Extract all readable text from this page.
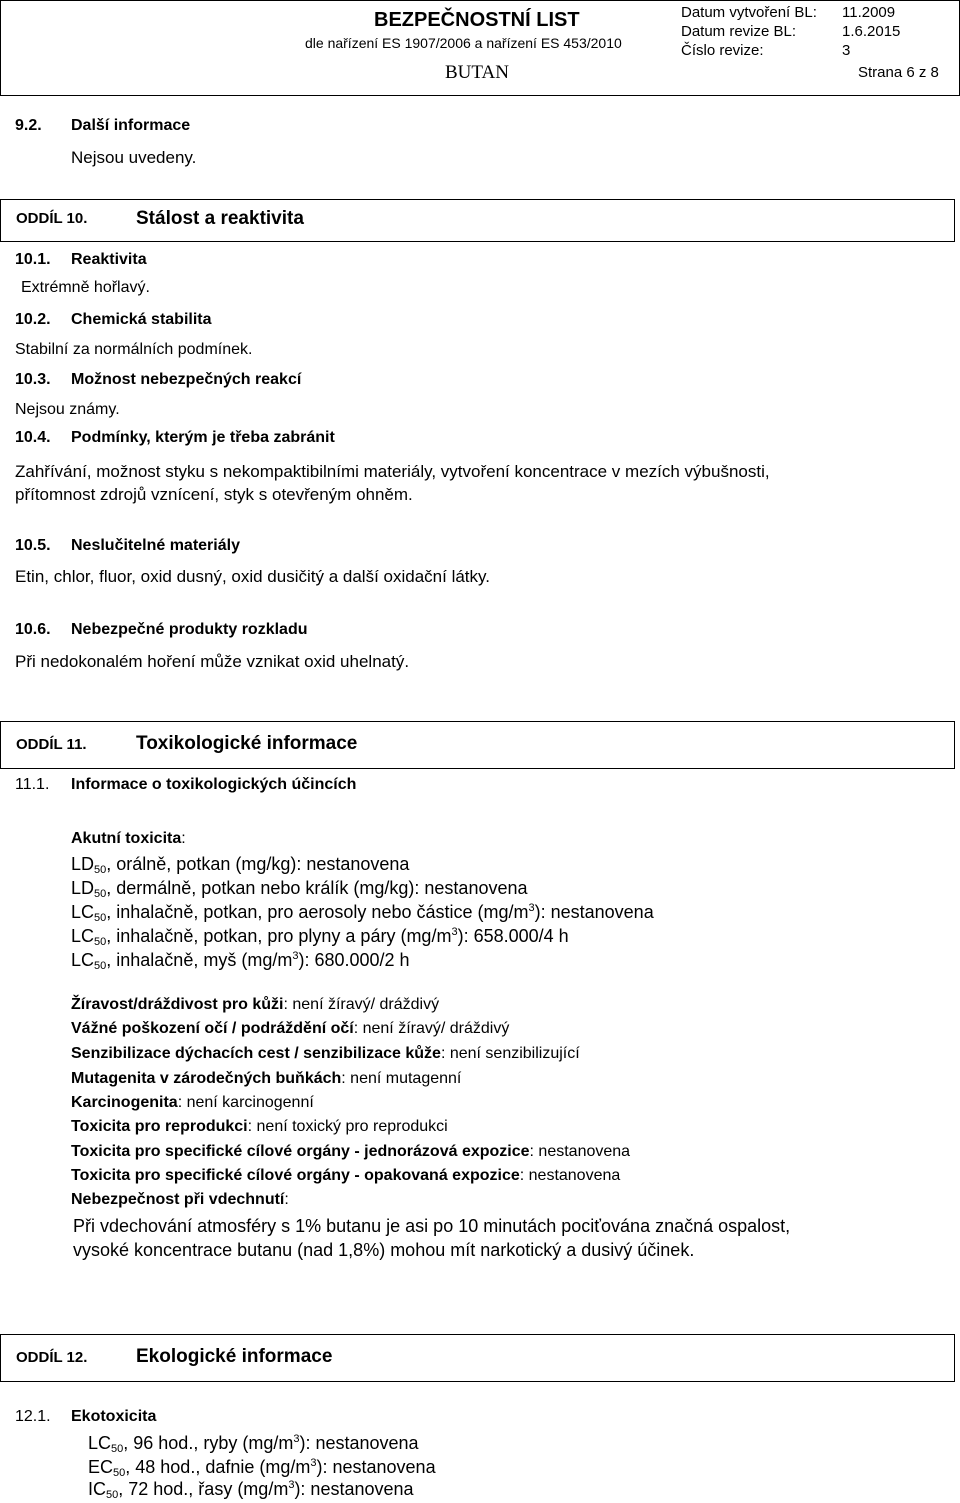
BEZPEČNOSTNÍ LIST
dle nařízení ES 1907/2006 a nařízení ES 453/2010
BUTAN
Datum vytvoření BL: 11.2009
Datum revize BL:	1.6.2015
Číslo revize:	3
Strana 6 z 8
9.2. Další informace
Nejsou uvedeny.
ODDÍL 10.	Stálost a reaktivita
10.1. Reaktivita
Extrémně hořlavý.
10.2. Chemická stabilita
Stabilní za normálních podmínek.
10.3. Možnost nebezpečných reakcí
Nejsou známy.
10.4. Podmínky, kterým je třeba zabránit
Zahřívání, možnost styku s nekompaktibilními materiály, vytvoření koncentrace v mezích výbušnosti,
přítomnost zdrojů vznícení, styk s otevřeným ohněm.
10.5. Neslučitelné materiály
Etin, chlor, fluor, oxid dusný, oxid dusičitý a další oxidační látky.
10.6. Nebezpečné produkty rozkladu
Při nedokonalém hoření může vznikat oxid uhelnatý.
ODDÍL 11.	Toxikologické informace
11.1. Informace o toxikologických účincích
Akutní toxicita:
$LD_{50}$, orálně, potkan (mg/kg): nestanovena
$LD_{50}$, dermálně, potkan nebo králík (mg/kg): nestanovena
$LC_{50}$, inhalačně, potkan, pro aerosoly nebo částice $(mg/m^3)$: nestanovena
$LC_{50}$, inhalačně, potkan, pro plyny a páry $(mg/m^3)$: 658.000/4 h
$LC_{50}$, inhalačně, myš $(mg/m^3)$: 680.000/2 h
Žíravost/dráždivost pro kůži: není žíravý/ dráždivý
Vážné poškození očí / podráždění očí: není žíravý/ dráždivý
Senzibilizace dýchacích cest / senzibilizace kůže: není senzibilizující
Mutagenita v zárodečných buňkách: není mutagenní
Karcinogenita: není karcinogenní
Toxicita pro reprodukci: není toxický pro reprodukci
Toxicita pro specifické cílové orgány - jednorázová expozice: nestanovena
Toxicita pro specifické cílové orgány - opakovaná expozice: nestanovena
Nebezpečnost při vdechnutí:
Při vdechování atmosféry s 1% butanu je asi po 10 minutách pociťována značná ospalost,
vysoké koncentrace butanu (nad 1,8%) mohou mít narkotický a dusivý účinek.
ODDÍL 12.	Ekologické informace
12.1. Ekotoxicita
$LC_{50}$, 96 hod., ryby $(mg/m^3)$: nestanovena
$EC_{50}$, 48 hod., dafnie $(mg/m^3)$: nestanovena
$IC_{50}$, 72 hod., řasy $(mg/m^3)$: nestanovena
